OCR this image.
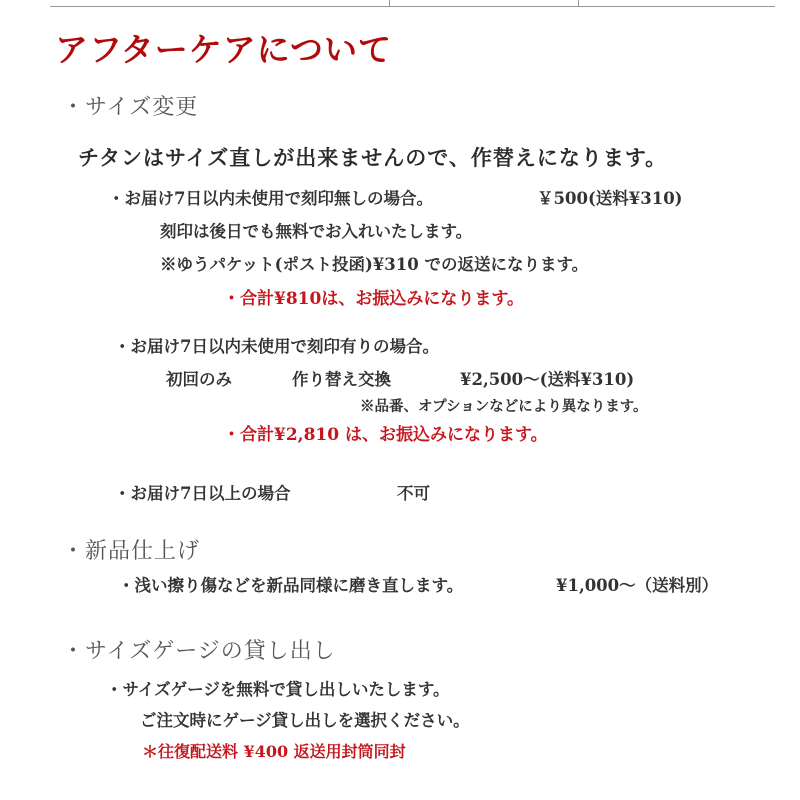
アフターケアについて
・サイズ変更
チタンはサイズ直しが出来ませんので、作替えになります。
・お届け7日以内未使用で刻印無しの場合。	￥500(送料¥310)
刻印は後日でも無料でお入れいたします。
※ゆうパケット(ポスト投函)¥310 での返送になります。
・合計¥810は、お振込みになります。
・お届け7日以内未使用で刻印有りの場合。
初回のみ	作り替え交換	¥2,500～(送料¥310)
※品番、オプションなどにより異なります。
・合計¥2,810 は、お振込みになります。
・お届け7日以上の場合	不可
・新品仕上げ
・浅い擦り傷などを新品同様に磨き直します。	¥1,000～（送料別）
・サイズゲージの貸し出し
・サイズゲージを無料で貸し出しいたします。
ご注文時にゲージ貸し出しを選択ください。
＊往復配送料 ¥400 返送用封筒同封
